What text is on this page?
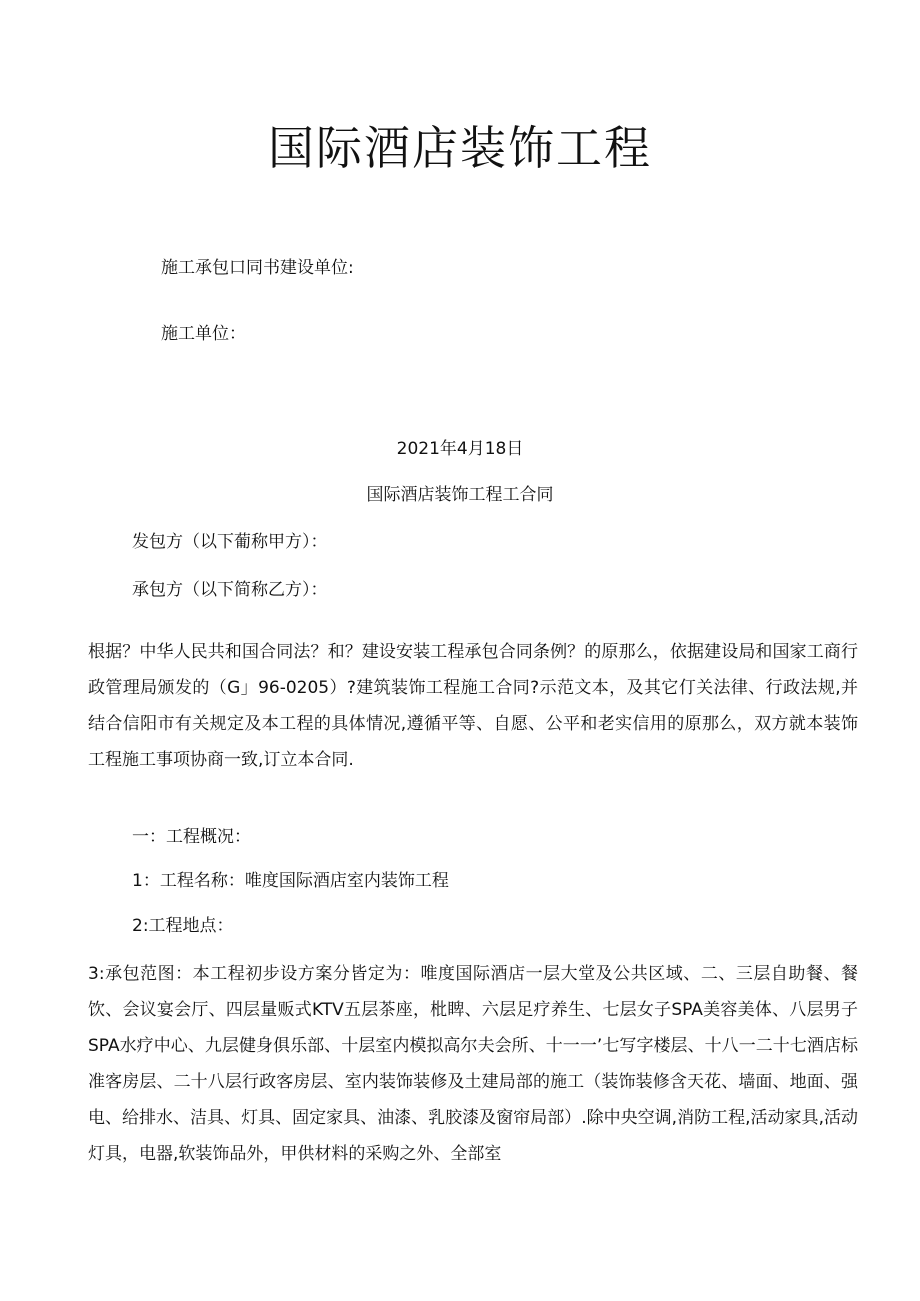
国际酒店装饰工程
施工承包口同书建设单位:
施工单位：
2021年4月18日
国际酒店装饰工程工合同
发包方（以下葡称甲方）：
承包方（以下简称乙方）：

根据？中华人民共和国合同法？和？建设安装工程承包合同条例？的原那么，依据建设局和国家工商行政管理局颁发的（G」96-0205）?建筑装饰工程施工合同?示范文本，及其它仃关法律、行政法规,并结合信阳市有关规定及本工程的具体情况,遵循平等、自愿、公平和老实信用的原那么，双方就本装饰工程施工事项协商一致,订立本合同.

一：工程概况：
1：工程名称：唯度国际酒店室内装饰工程
2:工程地点：

3:承包范图：本工程初步设方案分皆定为：唯度国际酒店一层大堂及公共区域、二、三层自助餐、餐饮、会议宴会厅、四层量贩式KTV五层茶座，枇睥、六层足疗养生、七层女子SPA美容美体、八层男子SPA水疗中心、九层健身俱乐部、十层室内模拟高尔夫会所、十一一’七写字楼层、十八一二十七酒店标准客房层、二十八层行政客房层、室内装饰装修及土建局部的施工（装饰装修含天花、墙面、地面、强电、给排水、洁具、灯具、固定家具、油漆、乳胶漆及窗帘局部）.除中央空调,消防工程,活动家具,活动灯具，电器,软装饰品外，甲供材料的采购之外、全部室
